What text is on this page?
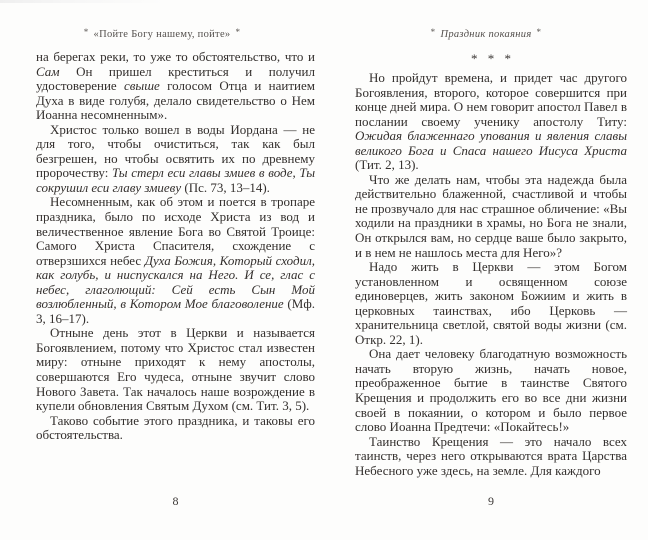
* «Пойте Богу нашему, пойте» *

на берегах реки, то уже то обстоятельство, что и Сам Он пришел креститься и получил удостоверение свыше голосом Отца и наитием Духа в виде голубя, делало свидетельство о Нем Иоанна несомненным».

Христос только вошел в воды Иордана — не для того, чтобы очиститься, так как был безгрешен, но чтобы освятить их по древнему пророчеству: Ты стерл еси главы змиев в воде, Ты сокрушил еси главу змиеву (Пс. 73, 13–14).

Несомненным, как об этом и поется в тропаре праздника, было по исходе Христа из вод и величественное явление Бога во Святой Троице: Самого Христа Спасителя, схождение с отверзшихся небес Духа Божия, Который сходил, как голубь, и ниспускался на Него. И се, глас с небес, глаголющий: Сей есть Сын Мой возлюбленный, в Котором Мое благоволение (Мф. 3, 16–17).

Отныне день этот в Церкви и называется Богоявлением, потому что Христос стал известен миру: отныне приходят к нему апостолы, совершаются Его чудеса, отныне звучит слово Нового Завета. Так началось наше возрождение в купели обновления Святым Духом (см. Тит. 3, 5).

Таково событие этого праздника, и таковы его обстоятельства.

8
* Праздник покаяния *
* * *

Но пройдут времена, и придет час другого Богоявления, второго, которое совершится при конце дней мира. О нем говорит апостол Павел в послании своему ученику апостолу Титу: Ожидая блаженнаго упования и явления славы великого Бога и Спаса нашего Иисуса Христа (Тит. 2, 13).

Что же делать нам, чтобы эта надежда была действительно блаженной, счастливой и чтобы не прозвучало для нас страшное обличение: «Вы ходили на праздники в храмы, но Бога не знали, Он открылся вам, но сердце ваше было закрыто, и в нем не нашлось места для Него»?

Надо жить в Церкви — этом Богом установленном и освященном союзе единоверцев, жить законом Божиим и жить в церковных таинствах, ибо Церковь — хранительница светлой, святой воды жизни (см. Откр. 22, 1).

Она дает человеку благодатную возможность начать вторую жизнь, начать новое, преображенное бытие в таинстве Святого Крещения и продолжить его во все дни жизни своей в покаянии, о котором и было первое слово Иоанна Предтечи: «Покайтесь!»

Таинство Крещения — это начало всех таинств, через него открываются врата Царства Небесного уже здесь, на земле. Для каждого

9
